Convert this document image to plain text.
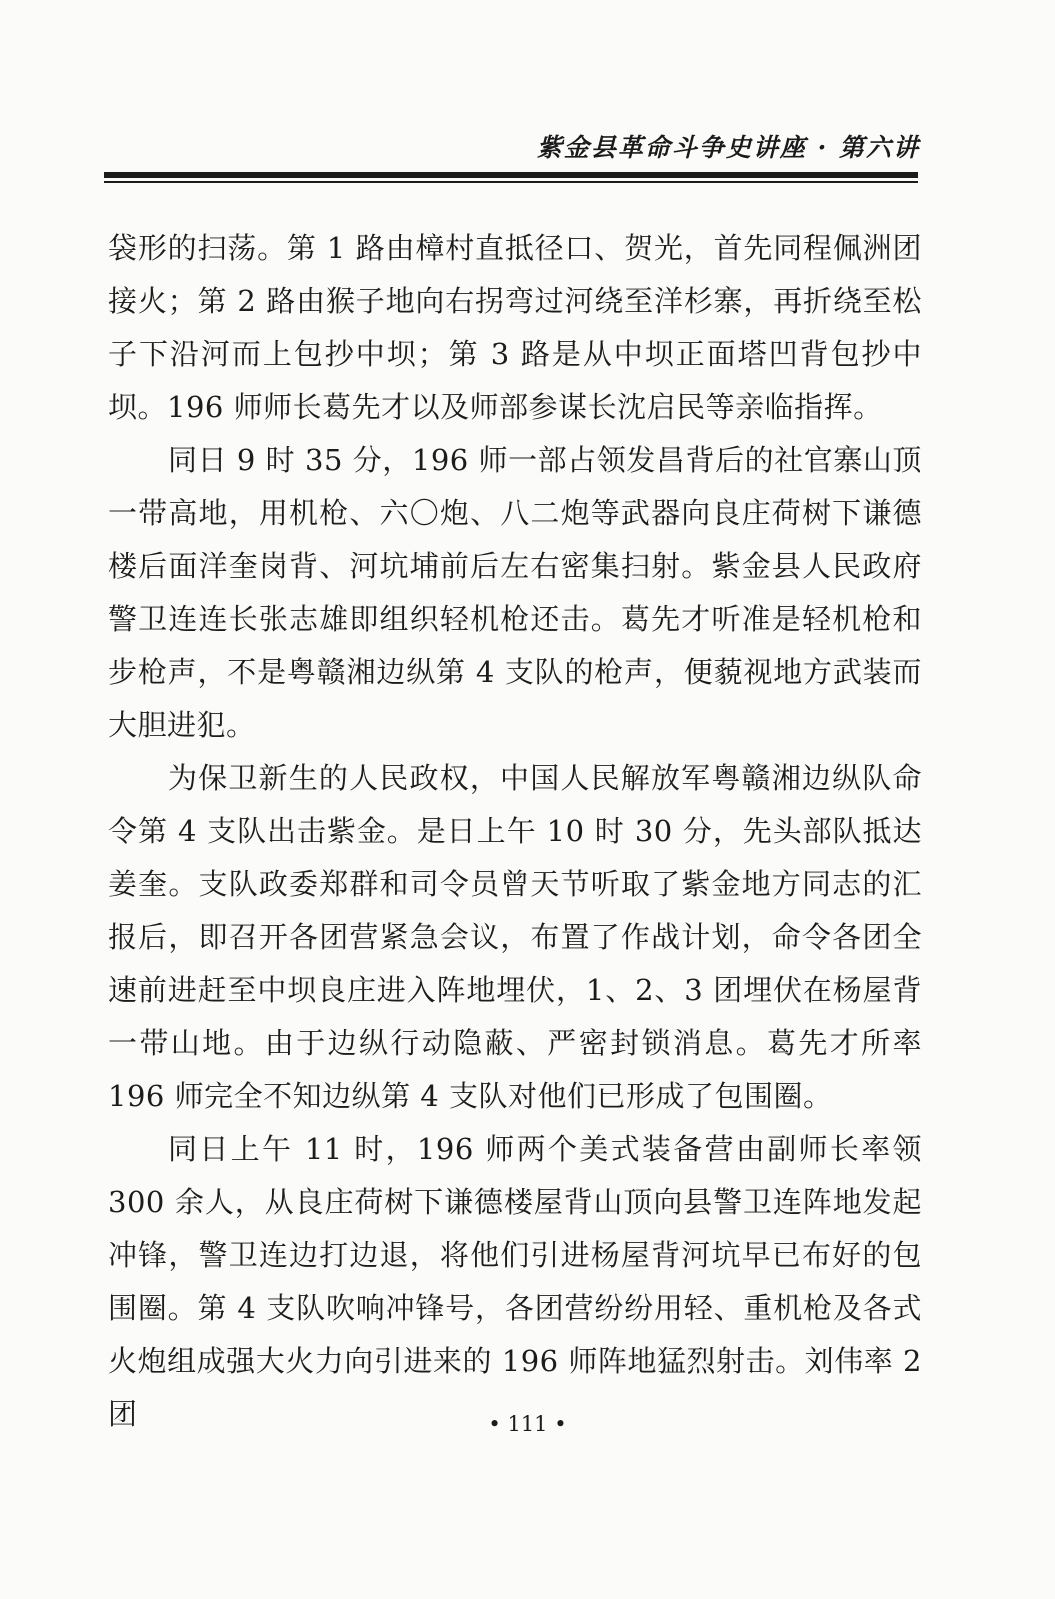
紫金县革命斗争史讲座 · 第六讲

袋形的扫荡。第 1 路由樟村直抵径口、贺光，首先同程佩洲团接火；第 2 路由猴子地向右拐弯过河绕至洋杉寨，再折绕至松子下沿河而上包抄中坝；第 3 路是从中坝正面塔凹背包抄中坝。196 师师长葛先才以及师部参谋长沈启民等亲临指挥。

同日 9 时 35 分，196 师一部占领发昌背后的社官寨山顶一带高地，用机枪、六〇炮、八二炮等武器向良庄荷树下谦德楼后面洋奎岗背、河坑埔前后左右密集扫射。紫金县人民政府警卫连连长张志雄即组织轻机枪还击。葛先才听准是轻机枪和步枪声，不是粤赣湘边纵第 4 支队的枪声，便藐视地方武装而大胆进犯。

为保卫新生的人民政权，中国人民解放军粤赣湘边纵队命令第 4 支队出击紫金。是日上午 10 时 30 分，先头部队抵达姜奎。支队政委郑群和司令员曾天节听取了紫金地方同志的汇报后，即召开各团营紧急会议，布置了作战计划，命令各团全速前进赶至中坝良庄进入阵地埋伏，1、2、3 团埋伏在杨屋背一带山地。由于边纵行动隐蔽、严密封锁消息。葛先才所率 196 师完全不知边纵第 4 支队对他们已形成了包围圈。

同日上午 11 时，196 师两个美式装备营由副师长率领 300 余人，从良庄荷树下谦德楼屋背山顶向县警卫连阵地发起冲锋，警卫连边打边退，将他们引进杨屋背河坑早已布好的包围圈。第 4 支队吹响冲锋号，各团营纷纷用轻、重机枪及各式火炮组成强大火力向引进来的 196 师阵地猛烈射击。刘伟率 2 团	• 111 •
